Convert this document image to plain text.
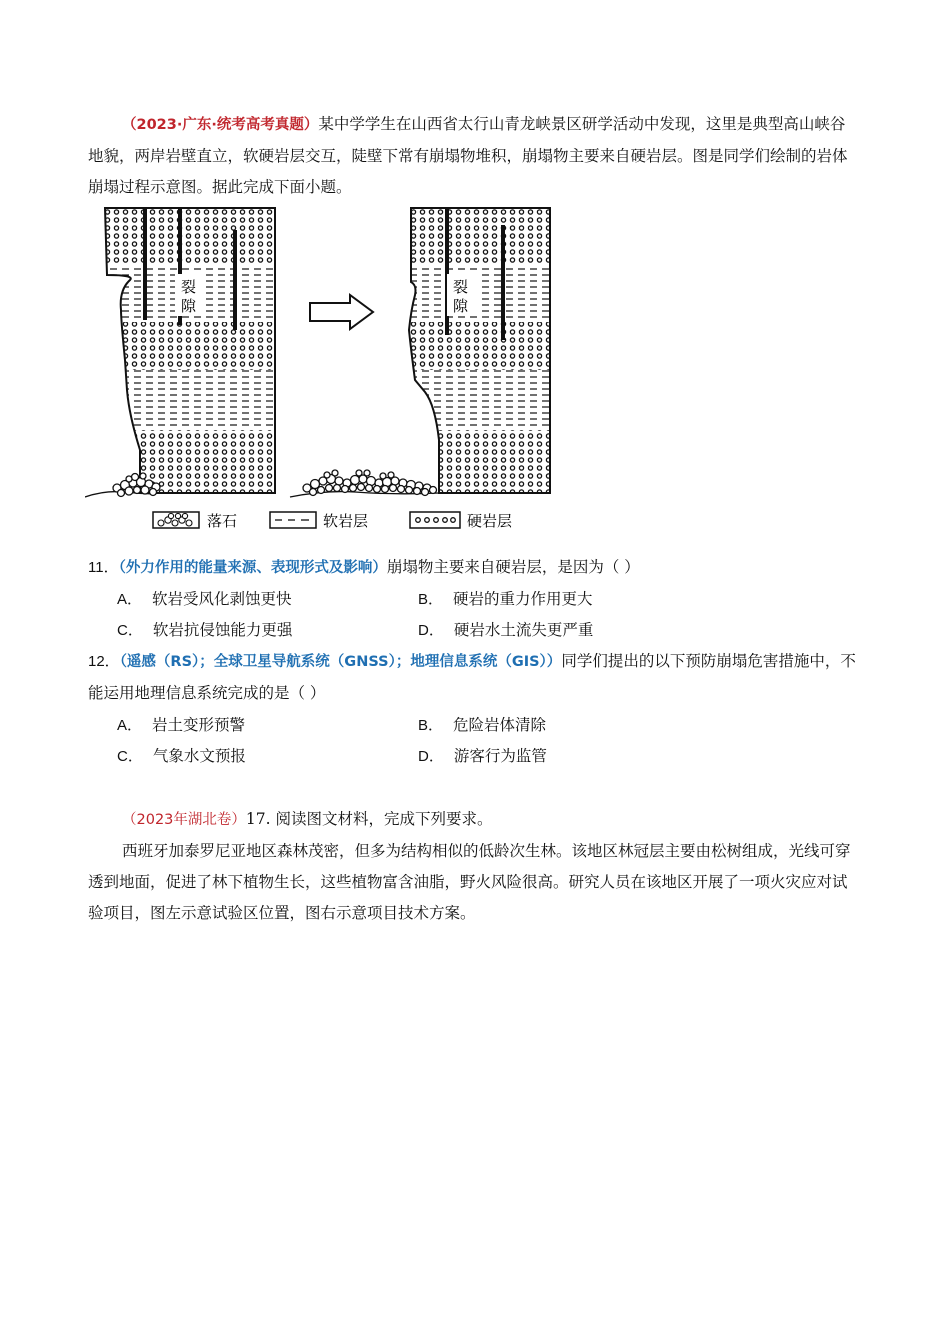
（2023·广东·统考高考真题）某中学学生在山西省太行山青龙峡景区研学活动中发现，这里是典型高山峡谷地貌，两岸岩壁直立，软硬岩层交互，陡壁下常有崩塌物堆积，崩塌物主要来自硬岩层。图是同学们绘制的岩体崩塌过程示意图。据此完成下面小题。
裂
隙
裂
隙
落石	软岩层	硬岩层
11．（外力作用的能量来源、表现形式及影响）崩塌物主要来自硬岩层，是因为（ ）
A． 软岩受风化剥蚀更快	B． 硬岩的重力作用更大
C． 软岩抗侵蚀能力更强	D． 硬岩水土流失更严重
12．（遥感（RS）；全球卫星导航系统（GNSS）；地理信息系统（GIS））同学们提出的以下预防崩塌危害措施中，不能运用地理信息系统完成的是（ ）
A． 岩土变形预警	B． 危险岩体清除
C． 气象水文预报	D． 游客行为监管
（2023年湖北卷）17. 阅读图文材料，完成下列要求。
西班牙加泰罗尼亚地区森林茂密，但多为结构相似的低龄次生林。该地区林冠层主要由松树组成，光线可穿透到地面，促进了林下植物生长，这些植物富含油脂，野火风险很高。研究人员在该地区开展了一项火灾应对试验项目，图左示意试验区位置，图右示意项目技术方案。
